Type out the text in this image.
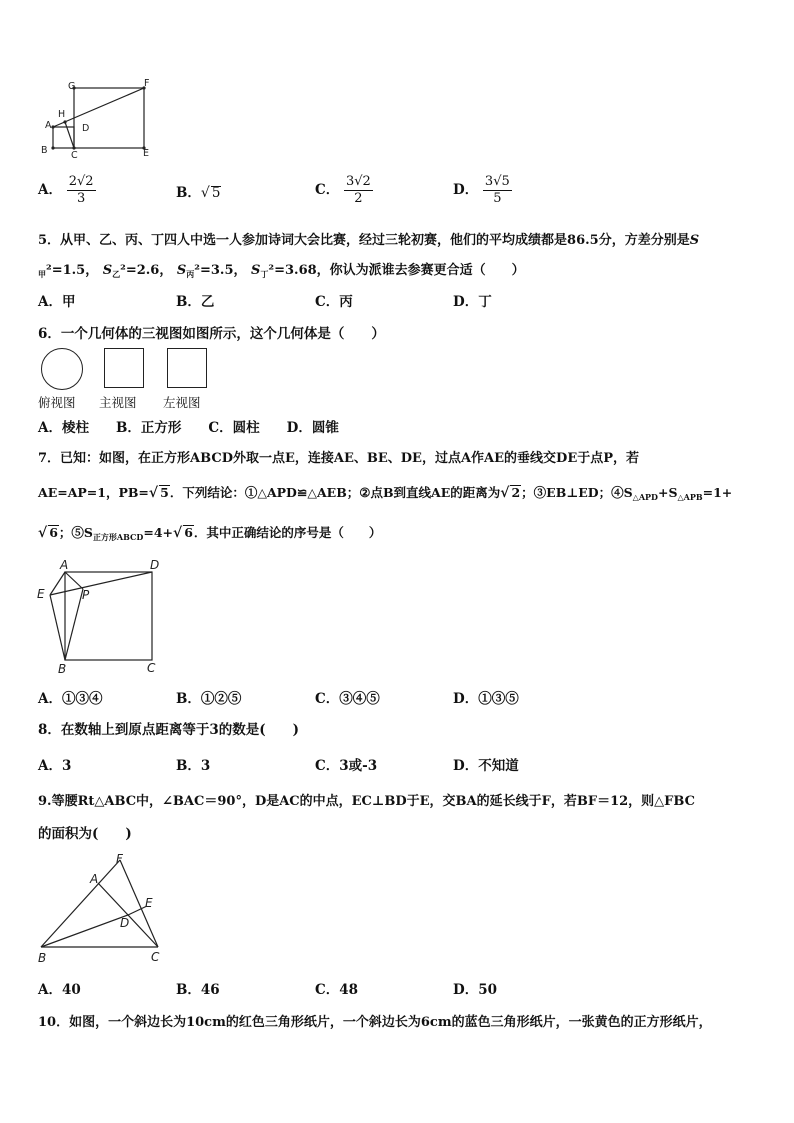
G	F
H
A	D
B C	E
A． $\frac{2√2}{3}$	B．√ 5	C． $\frac{3√2}{2}$	D． $\frac{3√5}{5}$
5．从甲、乙、丙、丁四人中选一人参加诗词大会比赛，经过三轮初赛，他们的平均成绩都是86.5分，方差分别是S
$_甲$²=1.5， $S_乙^2=2.6$， $S_丙^2=3.5$， $S_丁^2=3.68$，你认为派谁去参赛更合适（　　）
A．甲	B．乙	C．丙	D．丁
6．一个几何体的三视图如图所示，这个几何体是（　　）
俯视图 主视图 左视图
A．棱柱　　B．正方形　　C．圆柱　　D．圆锥
7．已知：如图，在正方形ABCD外取一点E，连接AE、BE、DE，过点A作AE的垂线交DE于点P，若
AE=AP=1，PB=√ 5．下列结论：①△APD≌△AEB；②点B到直线AE的距离为√ 2；③EB⊥ED；$④S_{\triangle APD}+S_{\triangle APB}=1+$
√ 6；$⑤S_{正方形ABCD}=4+√$ 6．其中正确结论的序号是（　　）
A	D
E	P
B	C
A．①③④	B．①②⑤	C．③④⑤	D．①③⑤
8．在数轴上到原点距离等于3的数是(　　)
A．3	B．3	C．3或-3	D．不知道
9.等腰Rt△ABC中，∠BAC＝90°，D是AC的中点，EC⊥BD于E，交BA的延长线于F，若BF＝12，则△FBC
的面积为(　　)
F
A
E
D
B	C
A．40	B．46	C．48	D．50
10．如图，一个斜边长为10cm的红色三角形纸片，一个斜边长为6cm的蓝色三角形纸片，一张黄色的正方形纸片，
